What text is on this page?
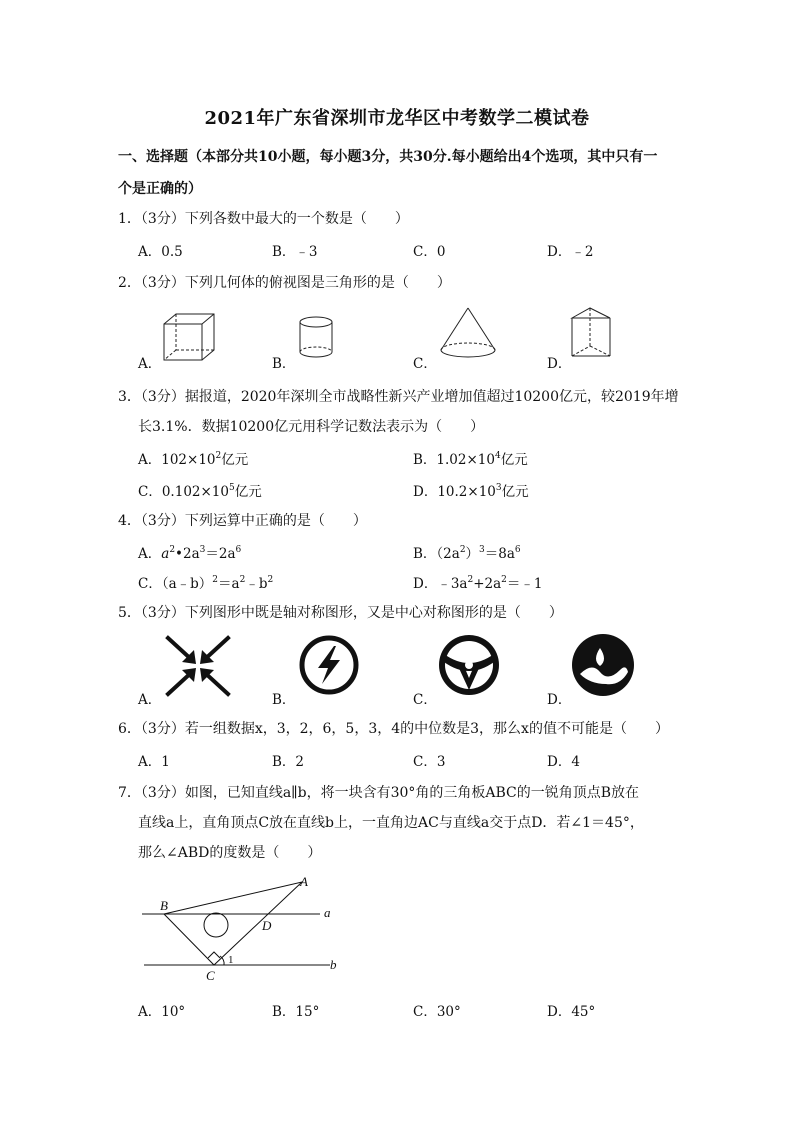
2021年广东省深圳市龙华区中考数学二模试卷
一、选择题（本部分共10小题，每小题3分，共30分.每小题给出4个选项，其中只有一
个是正确的）
1．（3分）下列各数中最大的一个数是（　　）
A．0.5	B．﹣3	C．0	D．﹣2
2．（3分）下列几何体的俯视图是三角形的是（　　）
A．	B．	C．	D．
3．（3分）据报道，2020年深圳全市战略性新兴产业增加值超过10200亿元，较2019年增
长3.1%．数据10200亿元用科学记数法表示为（　　）
A．$102\times 10^2$亿元	B．$1.02\times 10^4$亿元
C．$0.102\times 10^5$亿元	D．$10.2\times 10^3$亿元
4．（3分）下列运算中正确的是（　　）
A．$a^2•2a^3=2a^6$	B．$(2a^2)^3=8a^6$
C．$(a﹣b)^2=a^2﹣b^2$	D．$﹣3a^2+2a^2=﹣1$
5．（3分）下列图形中既是轴对称图形，又是中心对称图形的是（　　）
A．	B．	C．	D．
6．（3分）若一组数据x，3，2，6，5，3，4的中位数是3，那么x的值不可能是（　　）
A．1	B．2	C．3	D．4
7．（3分）如图，已知直线a∥b，将一块含有30°角的三角板ABC的一锐角顶点B放在
直线a上，直角顶点C放在直线b上，一直角边AC与直线a交于点D．若∠1＝45°，
那么∠ABD的度数是（　　）
B
A
D
C
a
b
1
A．10°	B．15°	C．30°	D．45°
